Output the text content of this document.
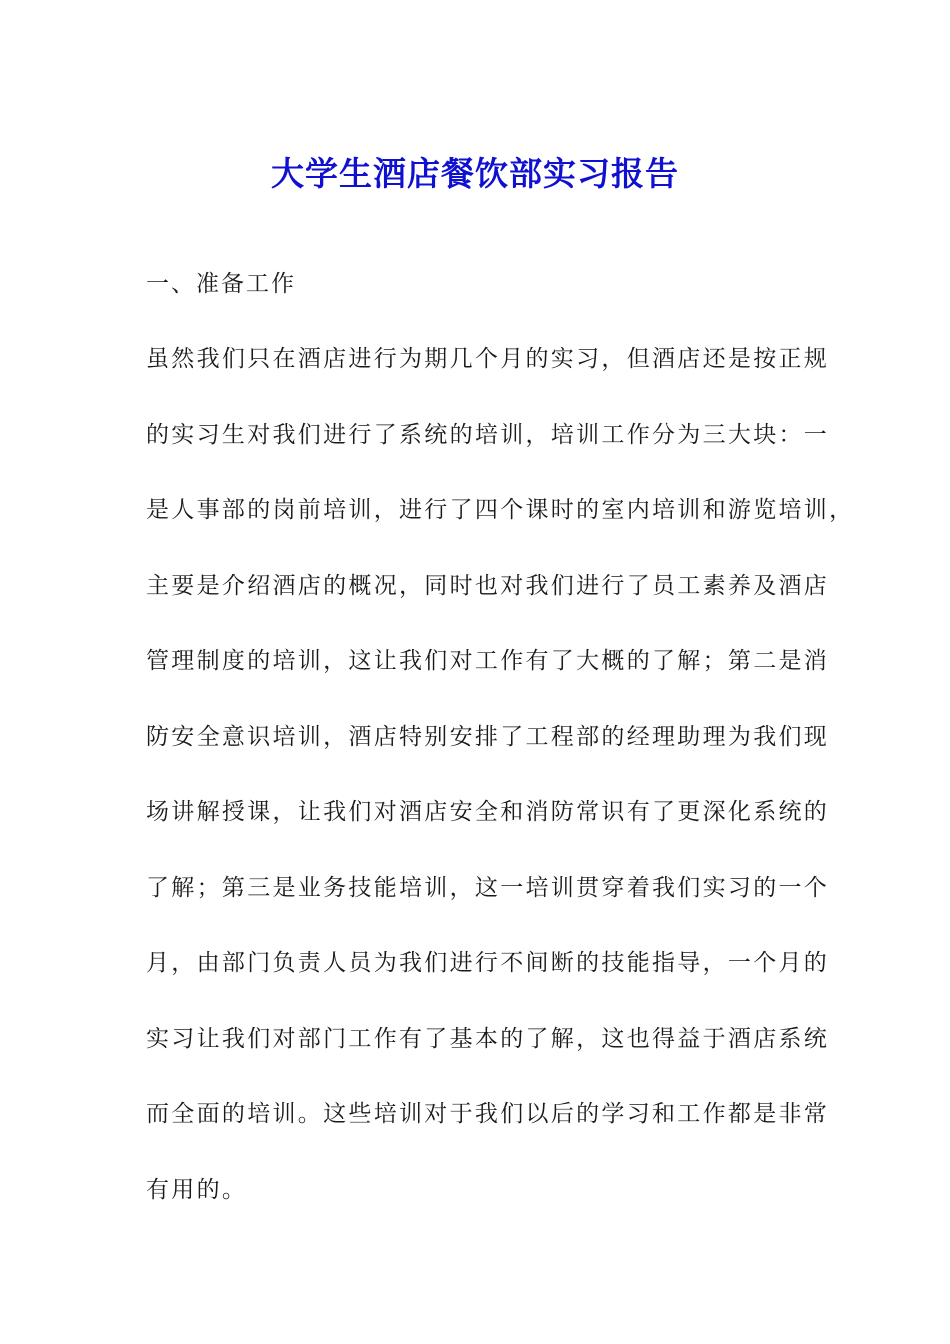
大学生酒店餐饮部实习报告
一、准备工作
虽然我们只在酒店进行为期几个月的实习，但酒店还是按正规
的实习生对我们进行了系统的培训，培训工作分为三大块：一
是人事部的岗前培训，进行了四个课时的室内培训和游览培训，
主要是介绍酒店的概况，同时也对我们进行了员工素养及酒店
管理制度的培训，这让我们对工作有了大概的了解；第二是消
防安全意识培训，酒店特别安排了工程部的经理助理为我们现
场讲解授课，让我们对酒店安全和消防常识有了更深化系统的
了解；第三是业务技能培训，这一培训贯穿着我们实习的一个
月，由部门负责人员为我们进行不间断的技能指导，一个月的
实习让我们对部门工作有了基本的了解，这也得益于酒店系统
而全面的培训。这些培训对于我们以后的学习和工作都是非常
有用的。
